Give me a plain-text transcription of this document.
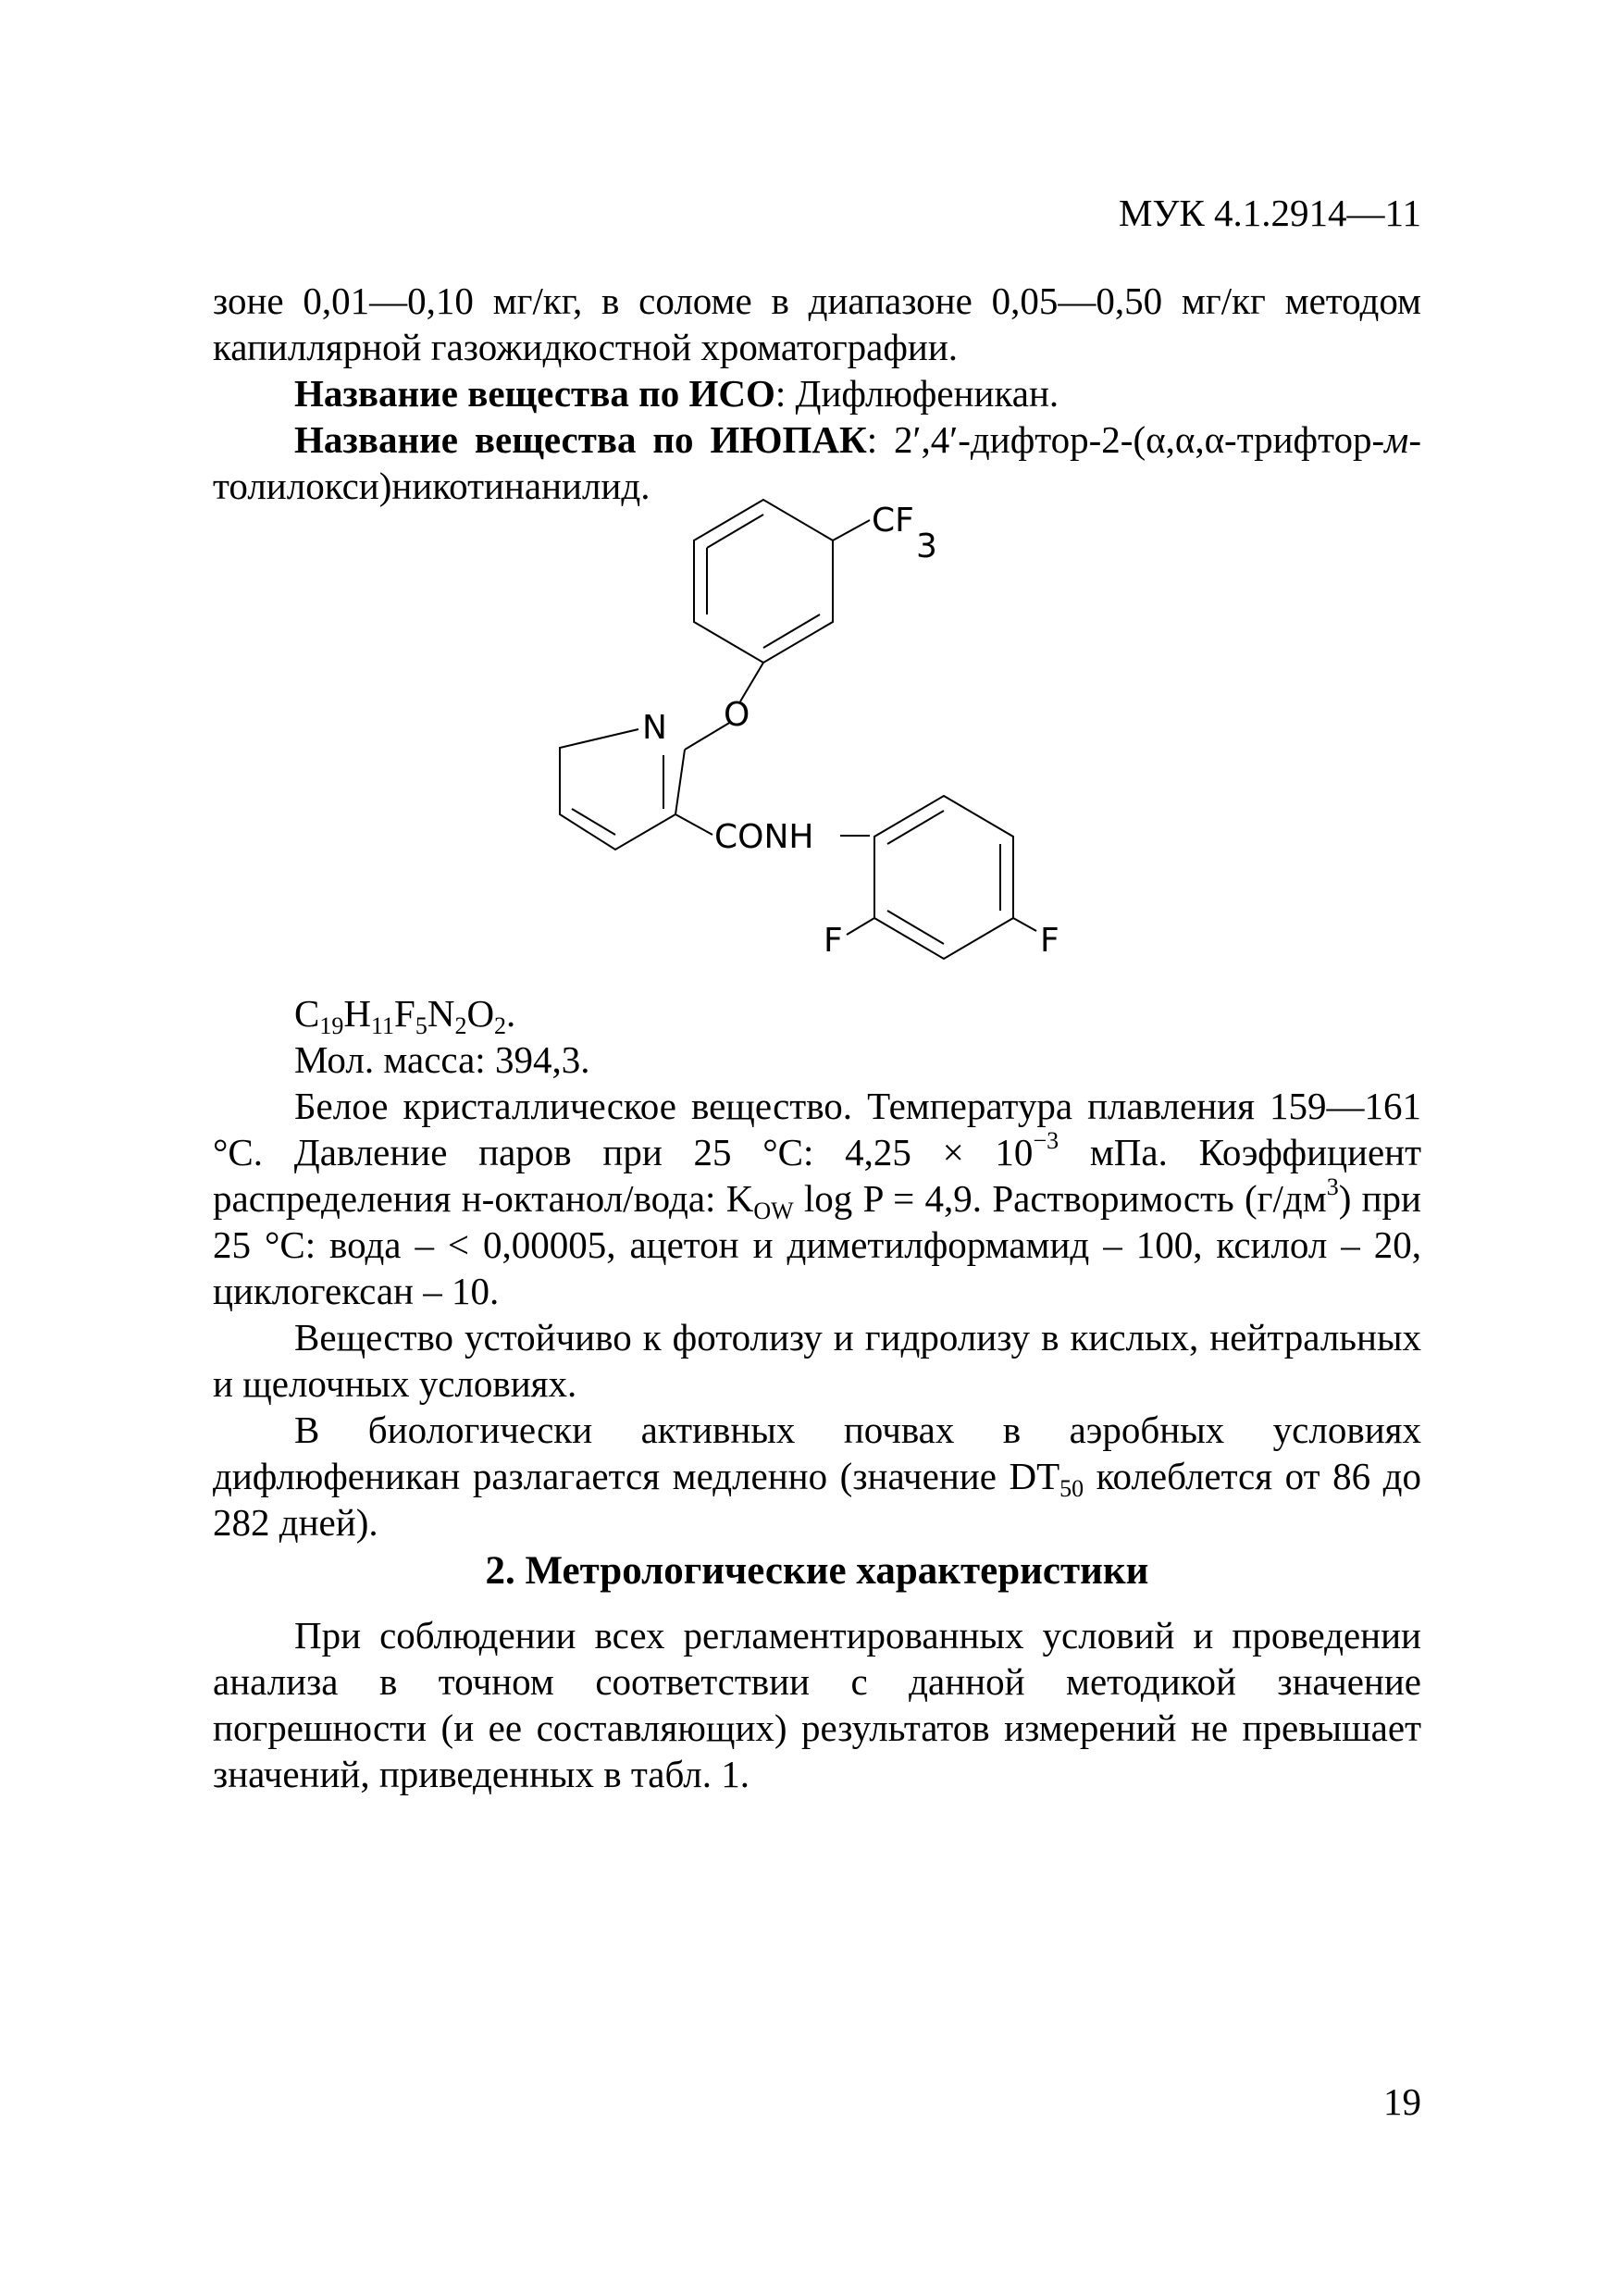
МУК 4.1.2914—11

зоне 0,01—0,10 мг/кг, в соломе в диапазоне 0,05—0,50 мг/кг методом капиллярной газожидкостной хроматографии.

Название вещества по ИСО: Дифлюфеникан.

Название вещества по ИЮПАК: 2′,4′-дифтор-2-(α,α,α-трифтор-м-толилокси)никотинанилид.

CF
3
O
N
CONH
F	F

$C_{19}H_{11}F_5N_2O_2$.

Мол. масса: 394,3.

Белое кристаллическое вещество. Температура плавления 159—161 °С. Давление паров при 25 °С: $4,25 \times 10^{-3}$ мПа. Коэффициент распределения н-октанол/вода: $K_{OW}$ log P = 4,9. Растворимость $(г/дм^3)$ при 25 °С: вода – < 0,00005, ацетон и диметилформамид – 100, ксилол – 20, циклогексан – 10.

Вещество устойчиво к фотолизу и гидролизу в кислых, нейтральных и щелочных условиях.

В биологически активных почвах в аэробных условиях дифлюфеникан разлагается медленно (значение $DT_{50}$ колеблется от 86 до 282 дней).

2. Метрологические характеристики

При соблюдении всех регламентированных условий и проведении анализа в точном соответствии с данной методикой значение погрешности (и ее составляющих) результатов измерений не превышает значений, приведенных в табл. 1.

19
